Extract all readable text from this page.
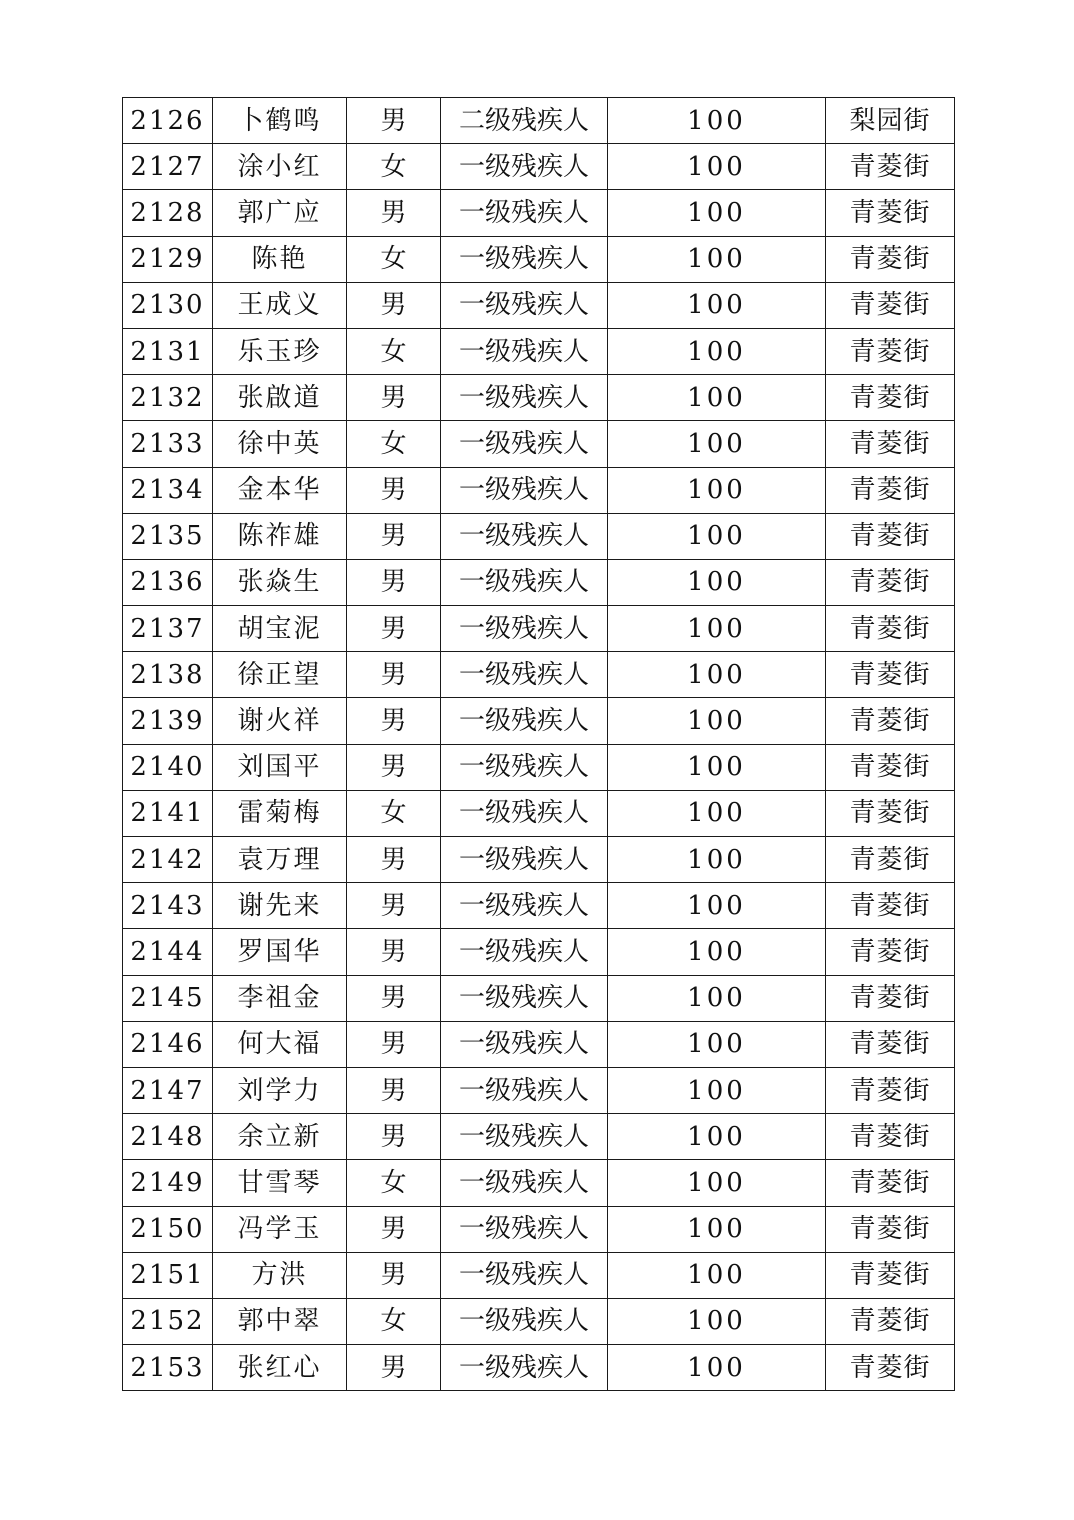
2126	卜鹤鸣	男	二级残疾人	100	梨园街
2127	涂小红	女	一级残疾人	100	青菱街
2128	郭广应	男	一级残疾人	100	青菱街
2129	陈艳	女	一级残疾人	100	青菱街
2130	王成义	男	一级残疾人	100	青菱街
2131	乐玉珍	女	一级残疾人	100	青菱街
2132	张啟道	男	一级残疾人	100	青菱街
2133	徐中英	女	一级残疾人	100	青菱街
2134	金本华	男	一级残疾人	100	青菱街
2135	陈祚雄	男	一级残疾人	100	青菱街
2136	张焱生	男	一级残疾人	100	青菱街
2137	胡宝泥	男	一级残疾人	100	青菱街
2138	徐正望	男	一级残疾人	100	青菱街
2139	谢火祥	男	一级残疾人	100	青菱街
2140	刘国平	男	一级残疾人	100	青菱街
2141	雷菊梅	女	一级残疾人	100	青菱街
2142	袁万理	男	一级残疾人	100	青菱街
2143	谢先来	男	一级残疾人	100	青菱街
2144	罗国华	男	一级残疾人	100	青菱街
2145	李祖金	男	一级残疾人	100	青菱街
2146	何大福	男	一级残疾人	100	青菱街
2147	刘学力	男	一级残疾人	100	青菱街
2148	余立新	男	一级残疾人	100	青菱街
2149	甘雪琴	女	一级残疾人	100	青菱街
2150	冯学玉	男	一级残疾人	100	青菱街
2151	方洪	男	一级残疾人	100	青菱街
2152	郭中翠	女	一级残疾人	100	青菱街
2153	张红心	男	一级残疾人	100	青菱街
